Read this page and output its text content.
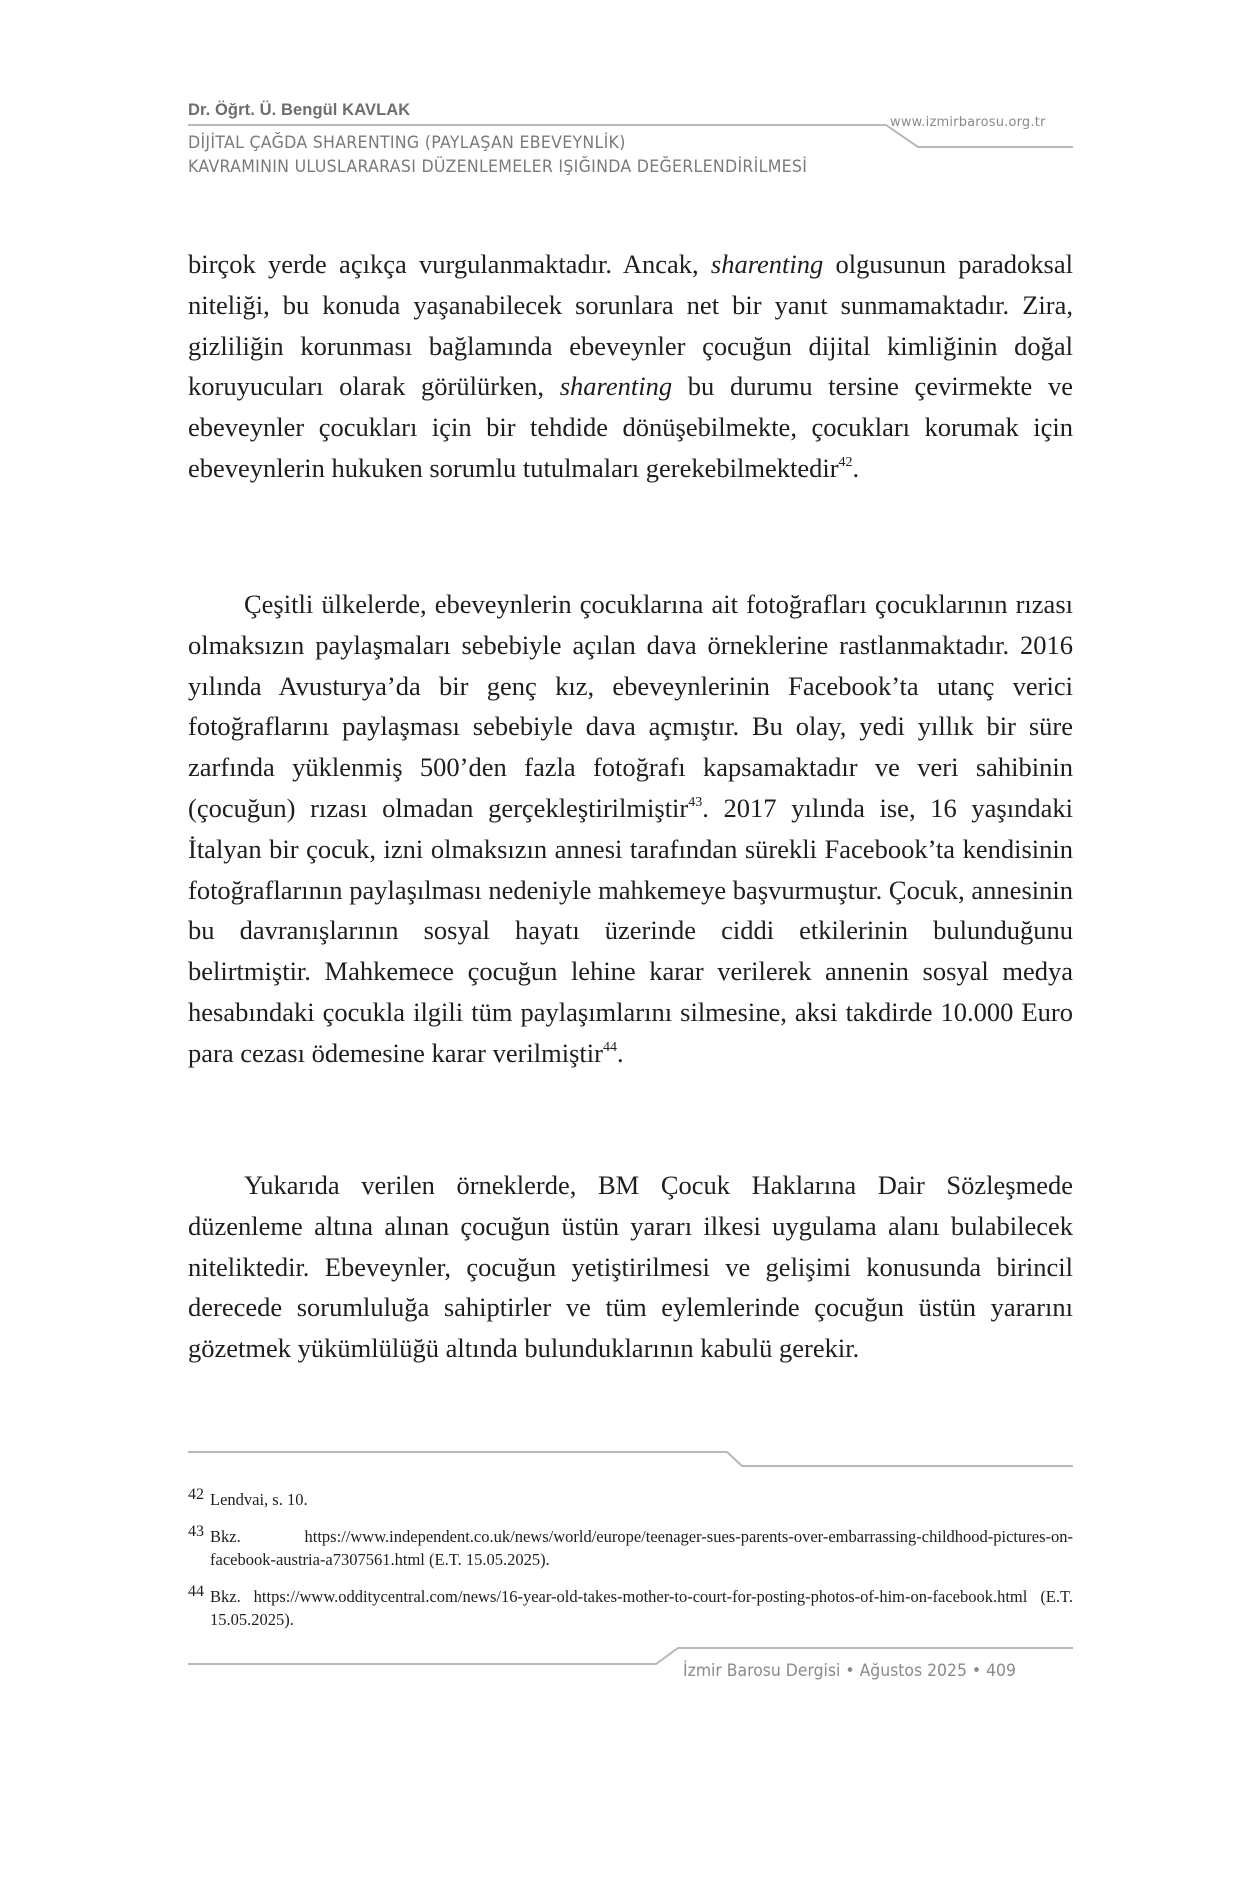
Dr. Öğrt. Ü. Bengül KAVLAK
www.izmirbarosu.org.tr
DİJİTAL ÇAĞDA SHARENTING (PAYLAŞAN EBEVEYNLİK)
KAVRAMININ ULUSLARARASI DÜZENLEMELER IŞIĞINDA DEĞERLENDİRİLMESİ

birçok yerde açıkça vurgulanmaktadır. Ancak, sharenting olgusunun paradoksal niteliği, bu konuda yaşanabilecek sorunlara net bir yanıt sunmamaktadır. Zira, gizliliğin korunması bağlamında ebeveynler çocuğun dijital kimliğinin doğal koruyucuları olarak görülürken, sharenting bu durumu tersine çevirmekte ve ebeveynler çocukları için bir tehdide dönüşebilmekte, çocukları korumak için ebeveynlerin hukuken sorumlu tutulmaları gerekebilmektedir$^{42}$.

Çeşitli ülkelerde, ebeveynlerin çocuklarına ait fotoğrafları çocuklarının rızası olmaksızın paylaşmaları sebebiyle açılan dava örneklerine rastlanmaktadır. 2016 yılında Avusturya’da bir genç kız, ebeveynlerinin Facebook’ta utanç verici fotoğraflarını paylaşması sebebiyle dava açmıştır. Bu olay, yedi yıllık bir süre zarfında yüklenmiş 500’den fazla fotoğrafı kapsamaktadır ve veri sahibinin (çocuğun) rızası olmadan gerçekleştirilmiştir$^{43}$. 2017 yılında ise, 16 yaşındaki İtalyan bir çocuk, izni olmaksızın annesi tarafından sürekli Facebook’ta kendisinin fotoğraflarının paylaşılması nedeniyle mahkemeye başvurmuştur. Çocuk, annesinin bu davranışlarının sosyal hayatı üzerinde ciddi etkilerinin bulunduğunu belirtmiştir. Mahkemece çocuğun lehine karar verilerek annenin sosyal medya hesabındaki çocukla ilgili tüm paylaşımlarını silmesine, aksi takdirde 10.000 Euro para cezası ödemesine karar verilmiştir$^{44}$.

Yukarıda verilen örneklerde, BM Çocuk Haklarına Dair Sözleşmede düzenleme altına alınan çocuğun üstün yararı ilkesi uygulama alanı bulabilecek niteliktedir. Ebeveynler, çocuğun yetiştirilmesi ve gelişimi konusunda birincil derecede sorumluluğa sahiptirler ve tüm eylemlerinde çocuğun üstün yararını gözetmek yükümlülüğü altında bulunduklarının kabulü gerekir.

42 Lendvai, s. 10.
43 Bkz. https://www.independent.co.uk/news/world/europe/teenager-sues-parents-over-embarrassing-childhood-pictures-on-facebook-austria-a7307561.html (E.T. 15.05.2025).
44 Bkz. https://www.odditycentral.com/news/16-year-old-takes-mother-to-court-for-posting-photos-of-him-on-facebook.html (E.T. 15.05.2025).
İzmir Barosu Dergisi • Ağustos 2025 • 409
